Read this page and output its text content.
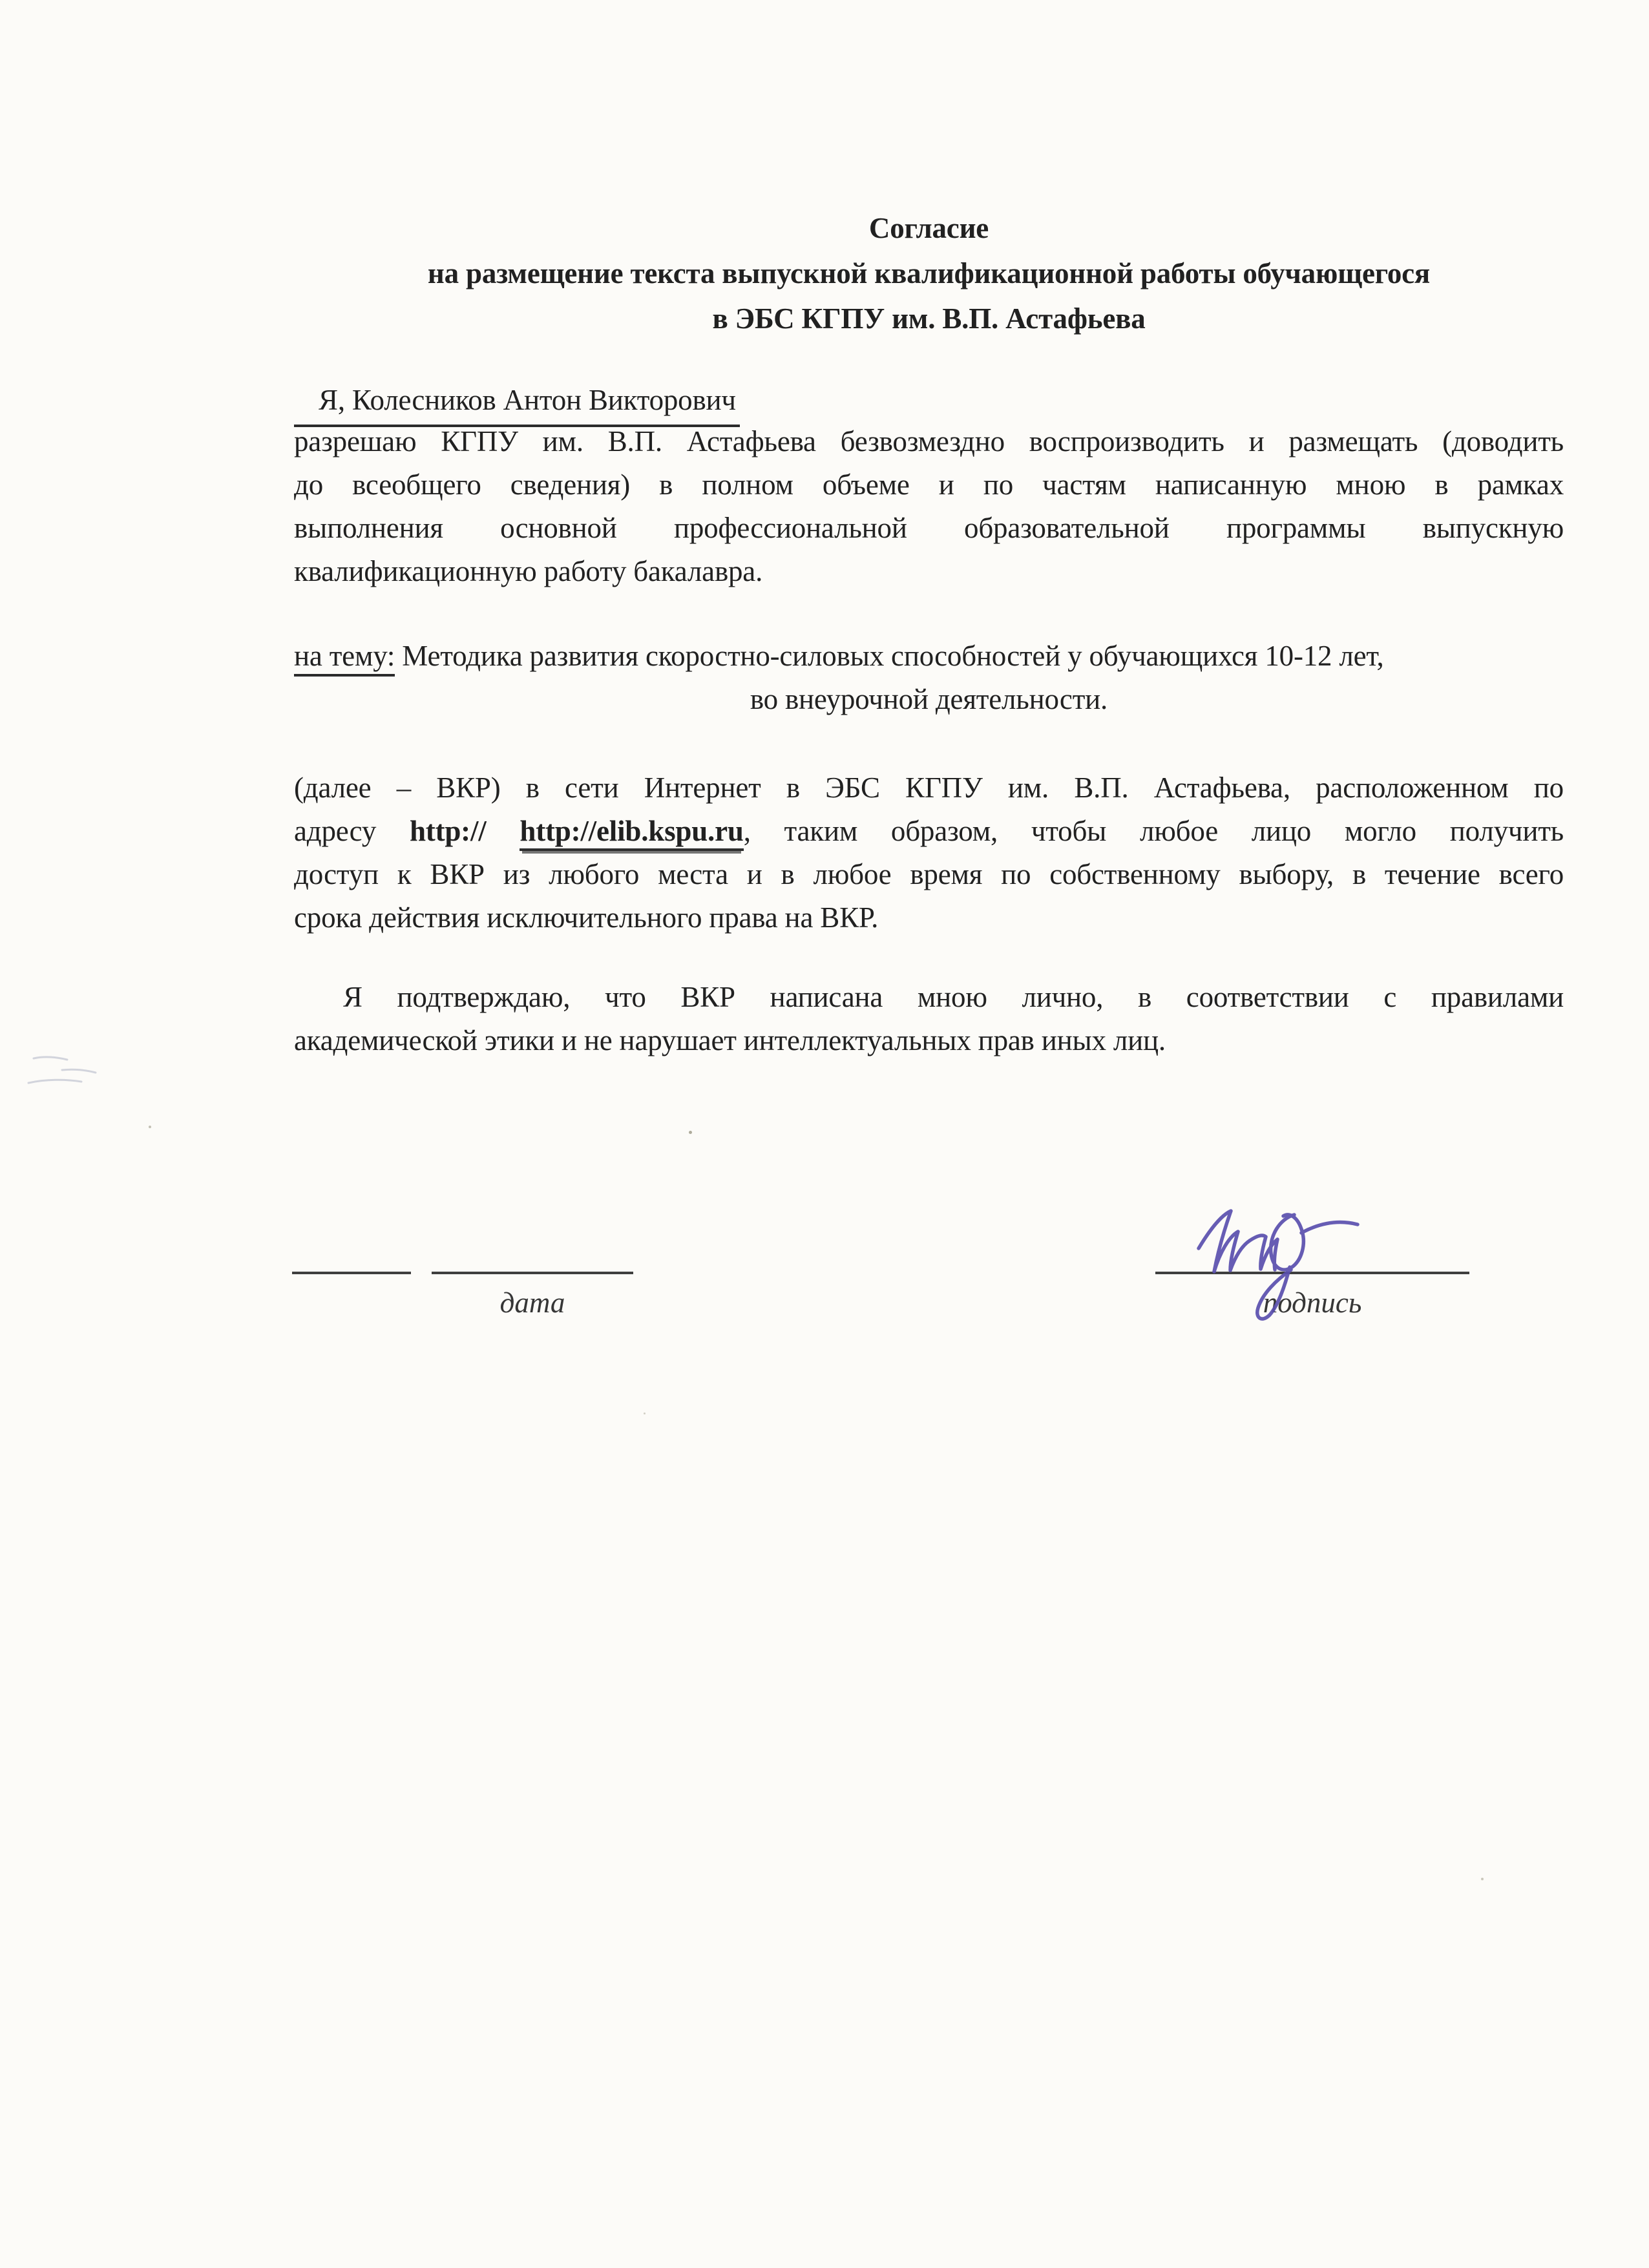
Согласие
на размещение текста выпускной квалификационной работы обучающегося
в ЭБС КГПУ им. В.П. Астафьева
Я, Колесников Антон Викторович
разрешаю КГПУ им. В.П. Астафьева безвозмездно воспроизводить и размещать (доводить
до всеобщего сведения) в полном объеме и по частям написанную мною в рамках
выполнения основной профессиональной образовательной программы выпускную
квалификационную работу бакалавра.
на тему: Методика развития скоростно-силовых способностей у обучающихся 10-12 лет,
во внеурочной деятельности.
(далее – ВКР) в сети Интернет в ЭБС КГПУ им. В.П. Астафьева, расположенном по
адресу http:// http://elib.kspu.ru, таким образом, чтобы любое лицо могло получить
доступ к ВКР из любого места и в любое время по собственному выбору, в течение всего
срока действия исключительного права на ВКР.
Я подтверждаю, что ВКР написана мною лично, в соответствии с правилами
академической этики и не нарушает интеллектуальных прав иных лиц.
дата	подпись
